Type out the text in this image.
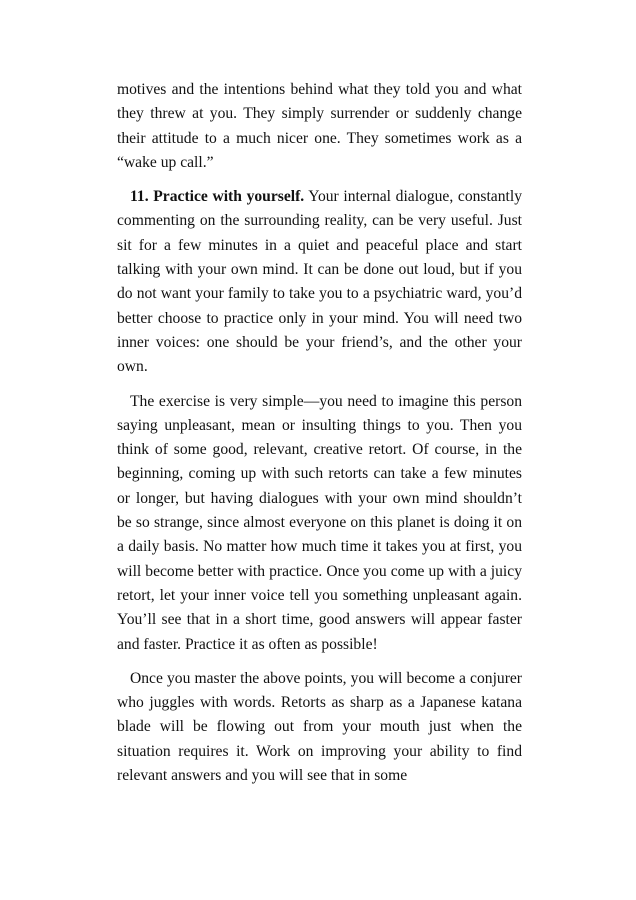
motives and the intentions behind what they told you and what they threw at you. They simply surrender or suddenly change their attitude to a much nicer one. They sometimes work as a “wake up call.”

11. Practice with yourself. Your internal dialogue, constantly commenting on the surrounding reality, can be very useful. Just sit for a few minutes in a quiet and peaceful place and start talking with your own mind. It can be done out loud, but if you do not want your family to take you to a psychiatric ward, you’d better choose to practice only in your mind. You will need two inner voices: one should be your friend’s, and the other your own.

The exercise is very simple—you need to imagine this person saying unpleasant, mean or insulting things to you. Then you think of some good, relevant, creative retort. Of course, in the beginning, coming up with such retorts can take a few minutes or longer, but having dialogues with your own mind shouldn’t be so strange, since almost everyone on this planet is doing it on a daily basis. No matter how much time it takes you at first, you will become better with practice. Once you come up with a juicy retort, let your inner voice tell you something unpleasant again. You’ll see that in a short time, good answers will appear faster and faster. Practice it as often as possible!

Once you master the above points, you will become a conjurer who juggles with words. Retorts as sharp as a Japanese katana blade will be flowing out from your mouth just when the situation requires it. Work on improving your ability to find relevant answers and you will see that in some
